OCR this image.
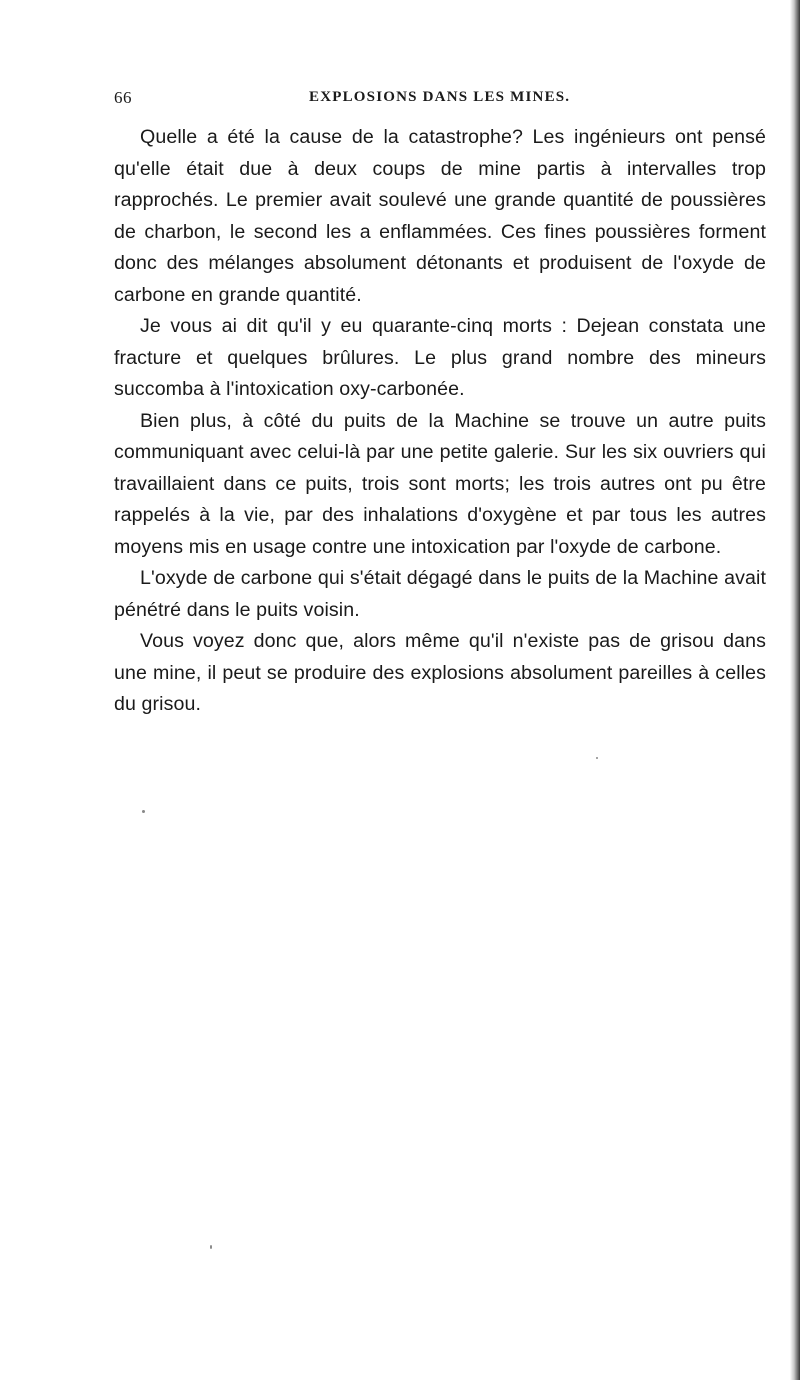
66	EXPLOSIONS DANS LES MINES.

Quelle a été la cause de la catastrophe? Les ingénieurs ont pensé qu'elle était due à deux coups de mine partis à intervalles trop rapprochés. Le premier avait soulevé une grande quantité de poussières de charbon, le second les a enflammées. Ces fines poussières forment donc des mélanges absolument détonants et produisent de l'oxyde de carbone en grande quantité.

Je vous ai dit qu'il y eu quarante-cinq morts : Dejean constata une fracture et quelques brûlures. Le plus grand nombre des mineurs succomba à l'intoxication oxy-carbonée.

Bien plus, à côté du puits de la Machine se trouve un autre puits communiquant avec celui-là par une petite galerie. Sur les six ouvriers qui travaillaient dans ce puits, trois sont morts; les trois autres ont pu être rappelés à la vie, par des inhalations d'oxygène et par tous les autres moyens mis en usage contre une intoxication par l'oxyde de carbone.

L'oxyde de carbone qui s'était dégagé dans le puits de la Machine avait pénétré dans le puits voisin.

Vous voyez donc que, alors même qu'il n'existe pas de grisou dans une mine, il peut se produire des explosions absolument pareilles à celles du grisou.
